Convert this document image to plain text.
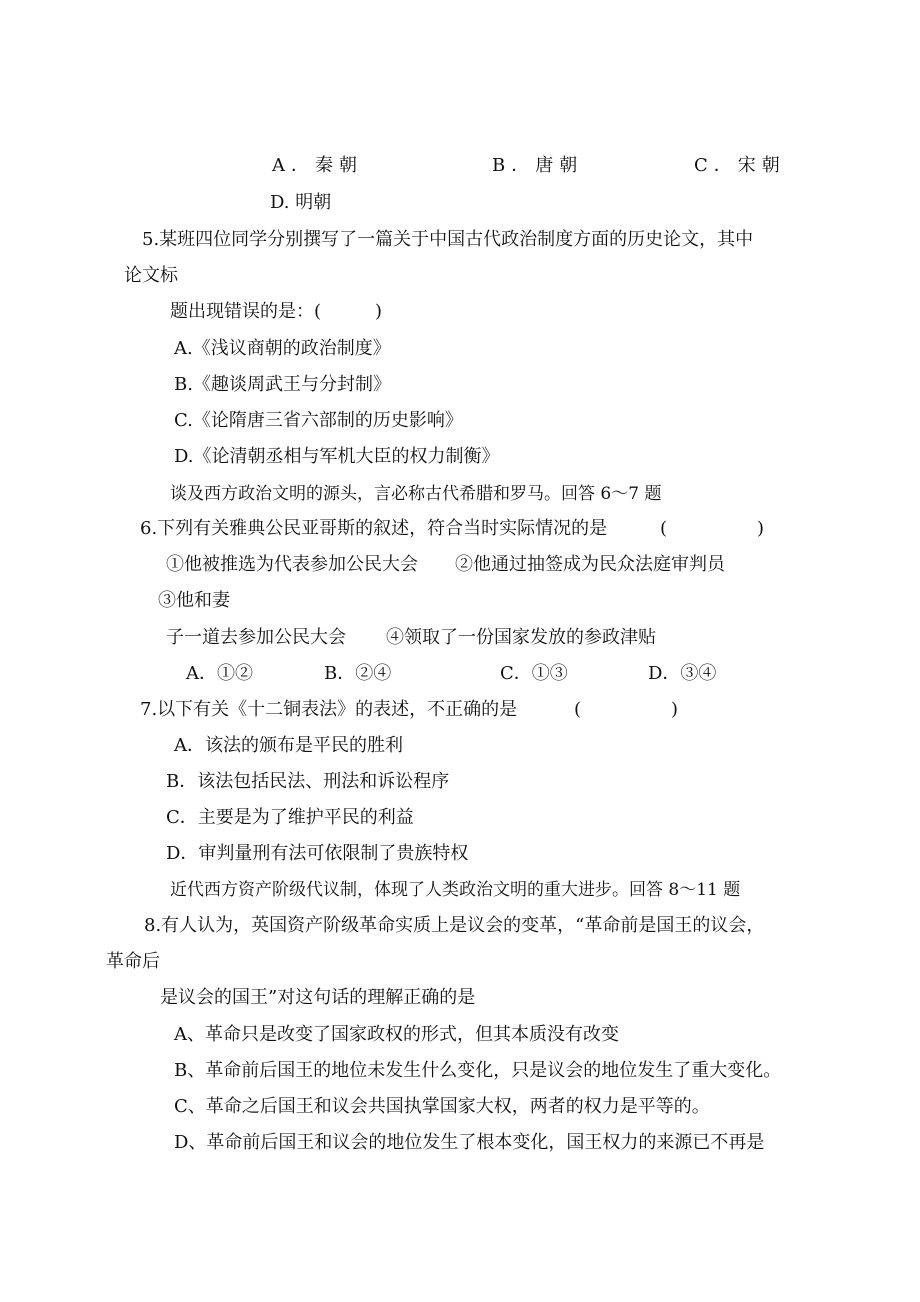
A．秦朝	B．唐朝	C．宋朝
D. 明朝
5.某班四位同学分别撰写了一篇关于中国古代政治制度方面的历史论文，其中
论文标
题出现错误的是：(　　　)
A.《浅议商朝的政治制度》
B.《趣谈周武王与分封制》
C.《论隋唐三省六部制的历史影响》
D.《论清朝丞相与军机大臣的权力制衡》
谈及西方政治文明的源头，言必称古代希腊和罗马。回答 6～7 题
6.下列有关雅典公民亚哥斯的叙述，符合当时实际情况的是	(　　　　　)
①他被推选为代表参加公民大会 ②他通过抽签成为民众法庭审判员
③他和妻
子一道去参加公民大会 ④领取了一份国家发放的参政津贴
A．①②	B．②④	C．①③	D．③④
7.以下有关《十二铜表法》的表述，不正确的是	(　　　　　)
A．该法的颁布是平民的胜利
B．该法包括民法、刑法和诉讼程序
C．主要是为了维护平民的利益
D．审判量刑有法可依限制了贵族特权
近代西方资产阶级代议制，体现了人类政治文明的重大进步。回答 8～11 题
8.有人认为，英国资产阶级革命实质上是议会的变革，“革命前是国王的议会，
革命后
是议会的国王”对这句话的理解正确的是
A、革命只是改变了国家政权的形式，但其本质没有改变
B、革命前后国王的地位未发生什么变化，只是议会的地位发生了重大变化。
C、革命之后国王和议会共国执掌国家大权，两者的权力是平等的。
D、革命前后国王和议会的地位发生了根本变化，国王权力的来源已不再是
